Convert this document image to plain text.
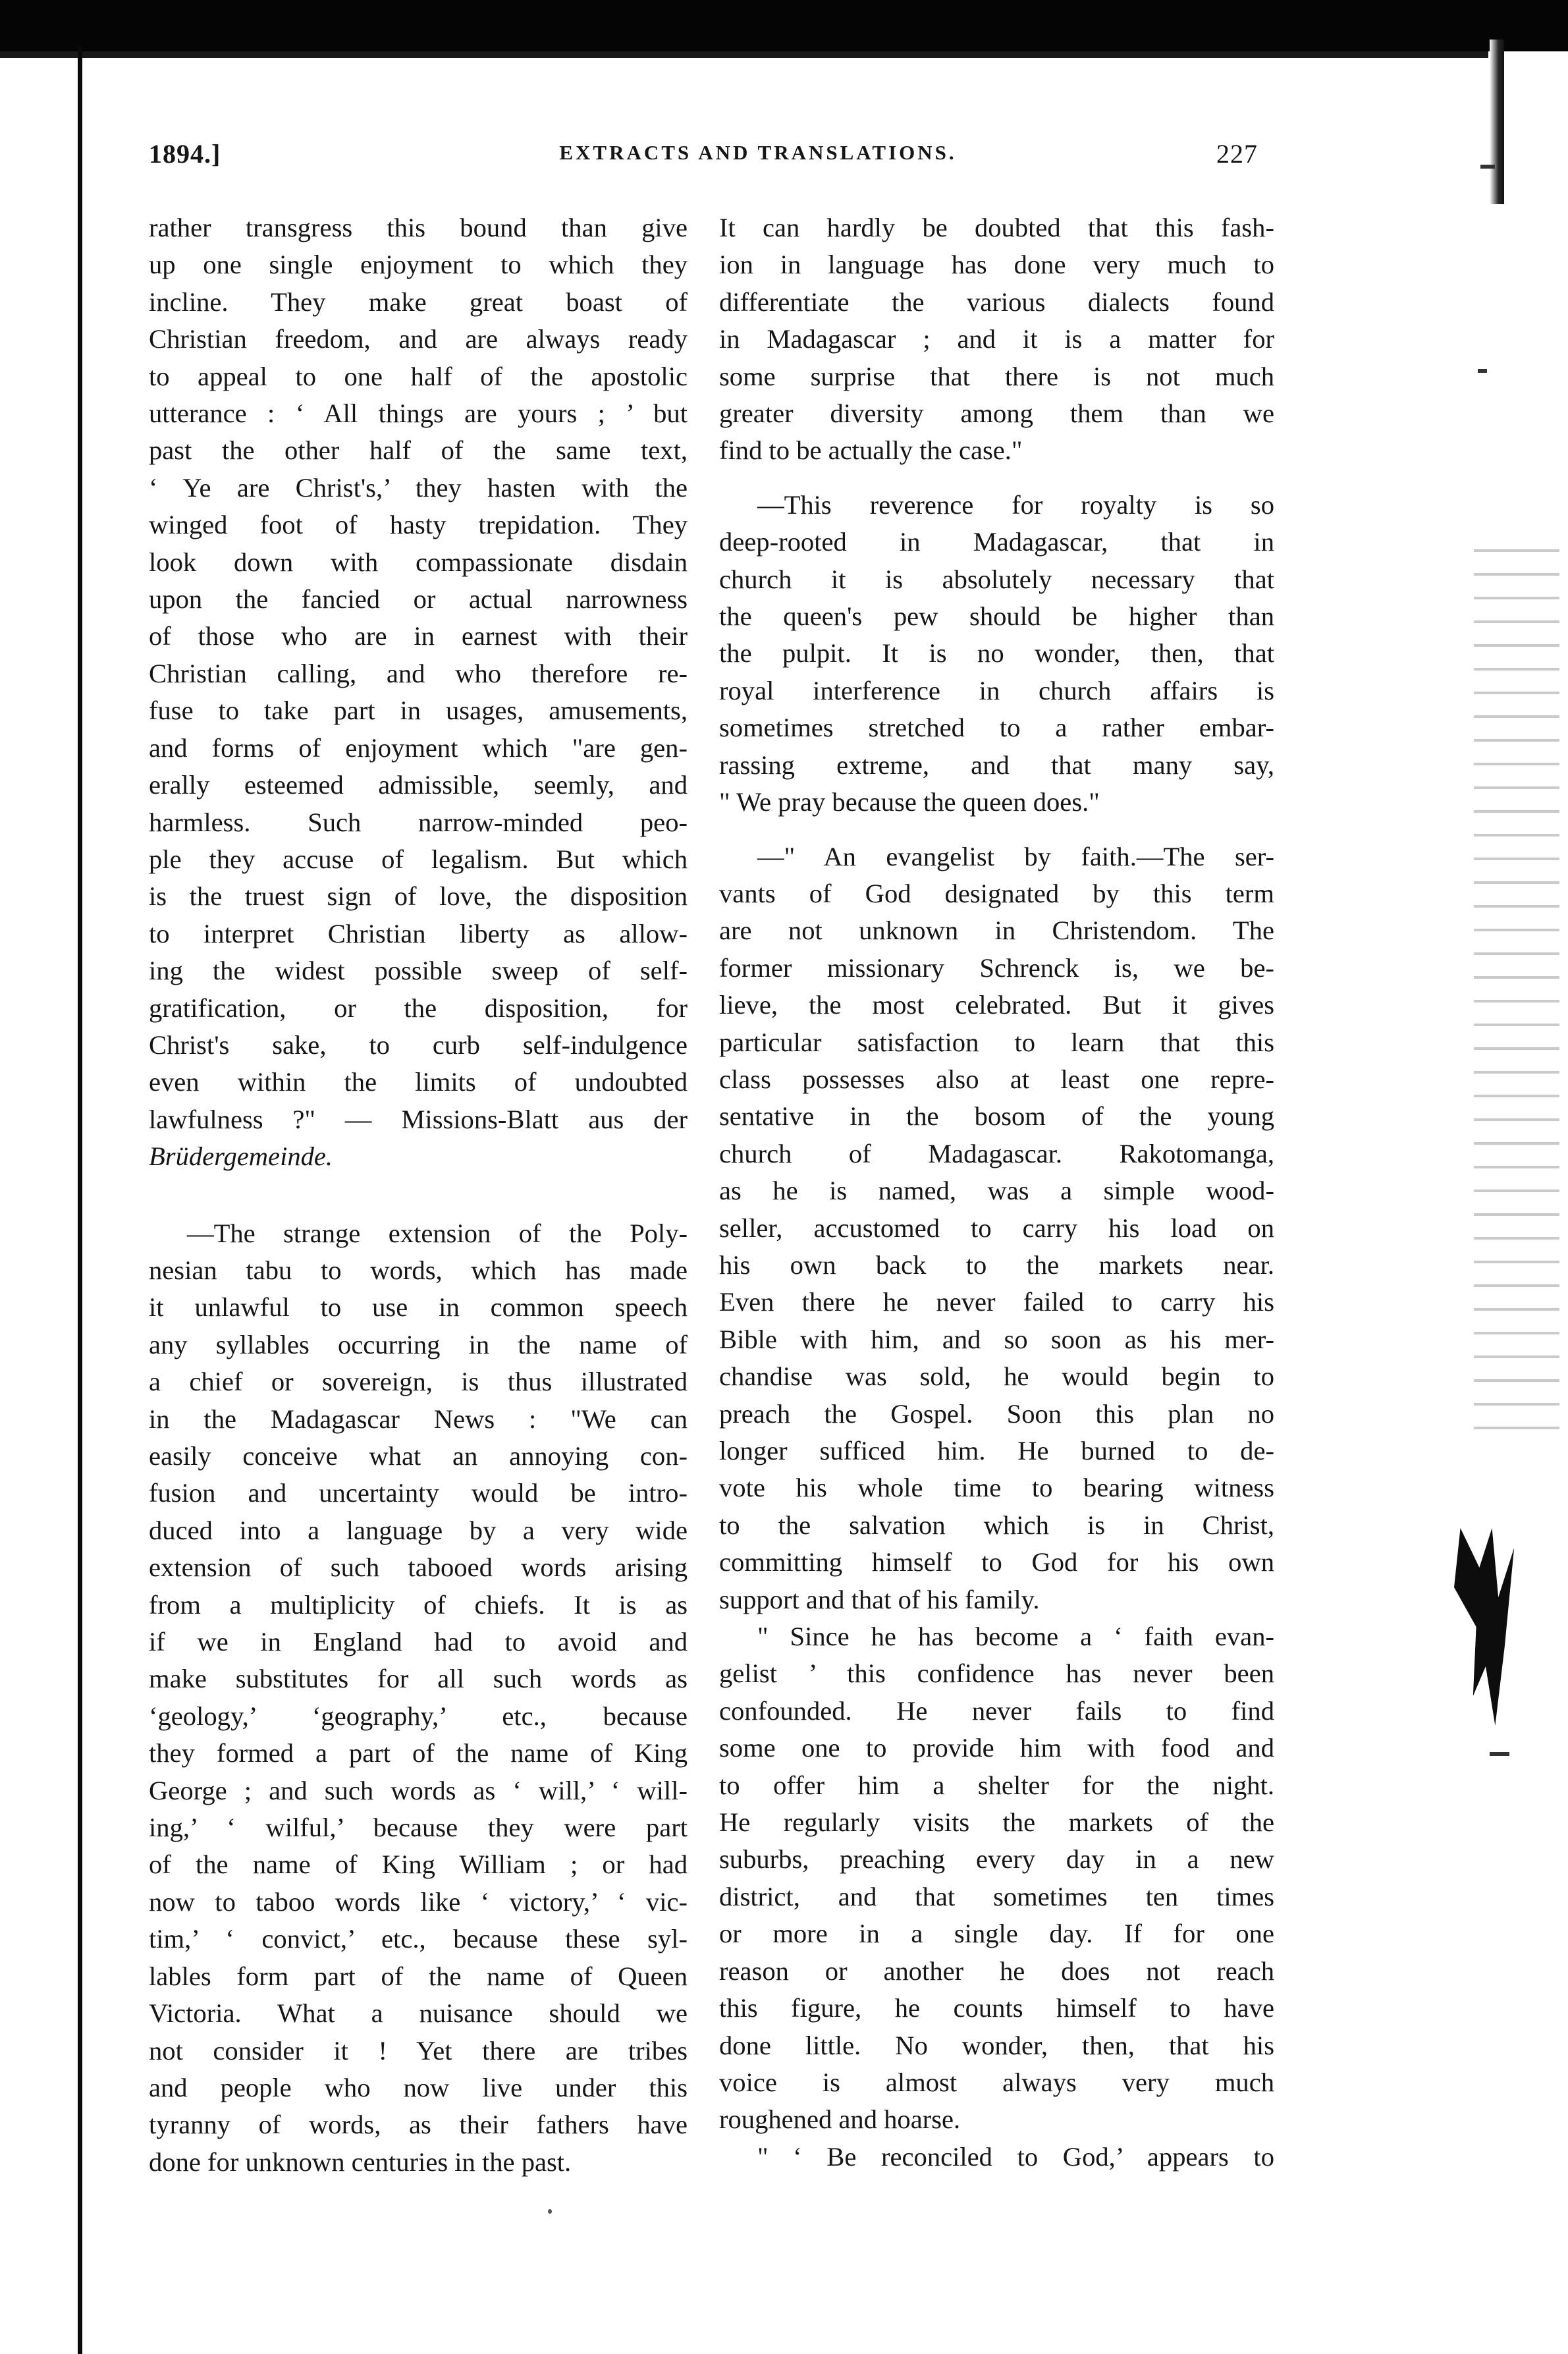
1894.]	EXTRACTS AND TRANSLATIONS.	227
rather transgress this bound than give
up one single enjoyment to which they
incline. They make great boast of
Christian freedom, and are always ready
to appeal to one half of the apostolic
utterance : ‘ All things are yours ; ’ but
past the other half of the same text,
‘ Ye are Christ's,’ they hasten with the
winged foot of hasty trepidation. They
look down with compassionate disdain
upon the fancied or actual narrowness
of those who are in earnest with their
Christian calling, and who therefore re-
fuse to take part in usages, amusements,
and forms of enjoyment which "are gen-
erally esteemed admissible, seemly, and
harmless. Such narrow-minded peo-
ple they accuse of legalism. But which
is the truest sign of love, the disposition
to interpret Christian liberty as allow-
ing the widest possible sweep of self-
gratification, or the disposition, for
Christ's sake, to curb self-indulgence
even within the limits of undoubted
lawfulness ?" — Missions-Blatt aus der
Brüdergemeinde.
—The strange extension of the Poly-
nesian tabu to words, which has made
it unlawful to use in common speech
any syllables occurring in the name of
a chief or sovereign, is thus illustrated
in the Madagascar News : "We can
easily conceive what an annoying con-
fusion and uncertainty would be intro-
duced into a language by a very wide
extension of such tabooed words arising
from a multiplicity of chiefs. It is as
if we in England had to avoid and
make substitutes for all such words as
‘geology,’ ‘geography,’ etc., because
they formed a part of the name of King
George ; and such words as ‘ will,’ ‘ will-
ing,’ ‘ wilful,’ because they were part
of the name of King William ; or had
now to taboo words like ‘ victory,’ ‘ vic-
tim,’ ‘ convict,’ etc., because these syl-
lables form part of the name of Queen
Victoria. What a nuisance should we
not consider it ! Yet there are tribes
and people who now live under this
tyranny of words, as their fathers have
done for unknown centuries in the past.
It can hardly be doubted that this fash-
ion in language has done very much to
differentiate the various dialects found
in Madagascar ; and it is a matter for
some surprise that there is not much
greater diversity among them than we
find to be actually the case."
—This reverence for royalty is so
deep-rooted in Madagascar, that in
church it is absolutely necessary that
the queen's pew should be higher than
the pulpit. It is no wonder, then, that
royal interference in church affairs is
sometimes stretched to a rather embar-
rassing extreme, and that many say,
" We pray because the queen does."
—" An evangelist by faith.—The ser-
vants of God designated by this term
are not unknown in Christendom. The
former missionary Schrenck is, we be-
lieve, the most celebrated. But it gives
particular satisfaction to learn that this
class possesses also at least one repre-
sentative in the bosom of the young
church of Madagascar. Rakotomanga,
as he is named, was a simple wood-
seller, accustomed to carry his load on
his own back to the markets near.
Even there he never failed to carry his
Bible with him, and so soon as his mer-
chandise was sold, he would begin to
preach the Gospel. Soon this plan no
longer sufficed him. He burned to de-
vote his whole time to bearing witness
to the salvation which is in Christ,
committing himself to God for his own
support and that of his family.
" Since he has become a ‘ faith evan-
gelist ’ this confidence has never been
confounded. He never fails to find
some one to provide him with food and
to offer him a shelter for the night.
He regularly visits the markets of the
suburbs, preaching every day in a new
district, and that sometimes ten times
or more in a single day. If for one
reason or another he does not reach
this figure, he counts himself to have
done little. No wonder, then, that his
voice is almost always very much
roughened and hoarse.
" ‘ Be reconciled to God,’ appears to
